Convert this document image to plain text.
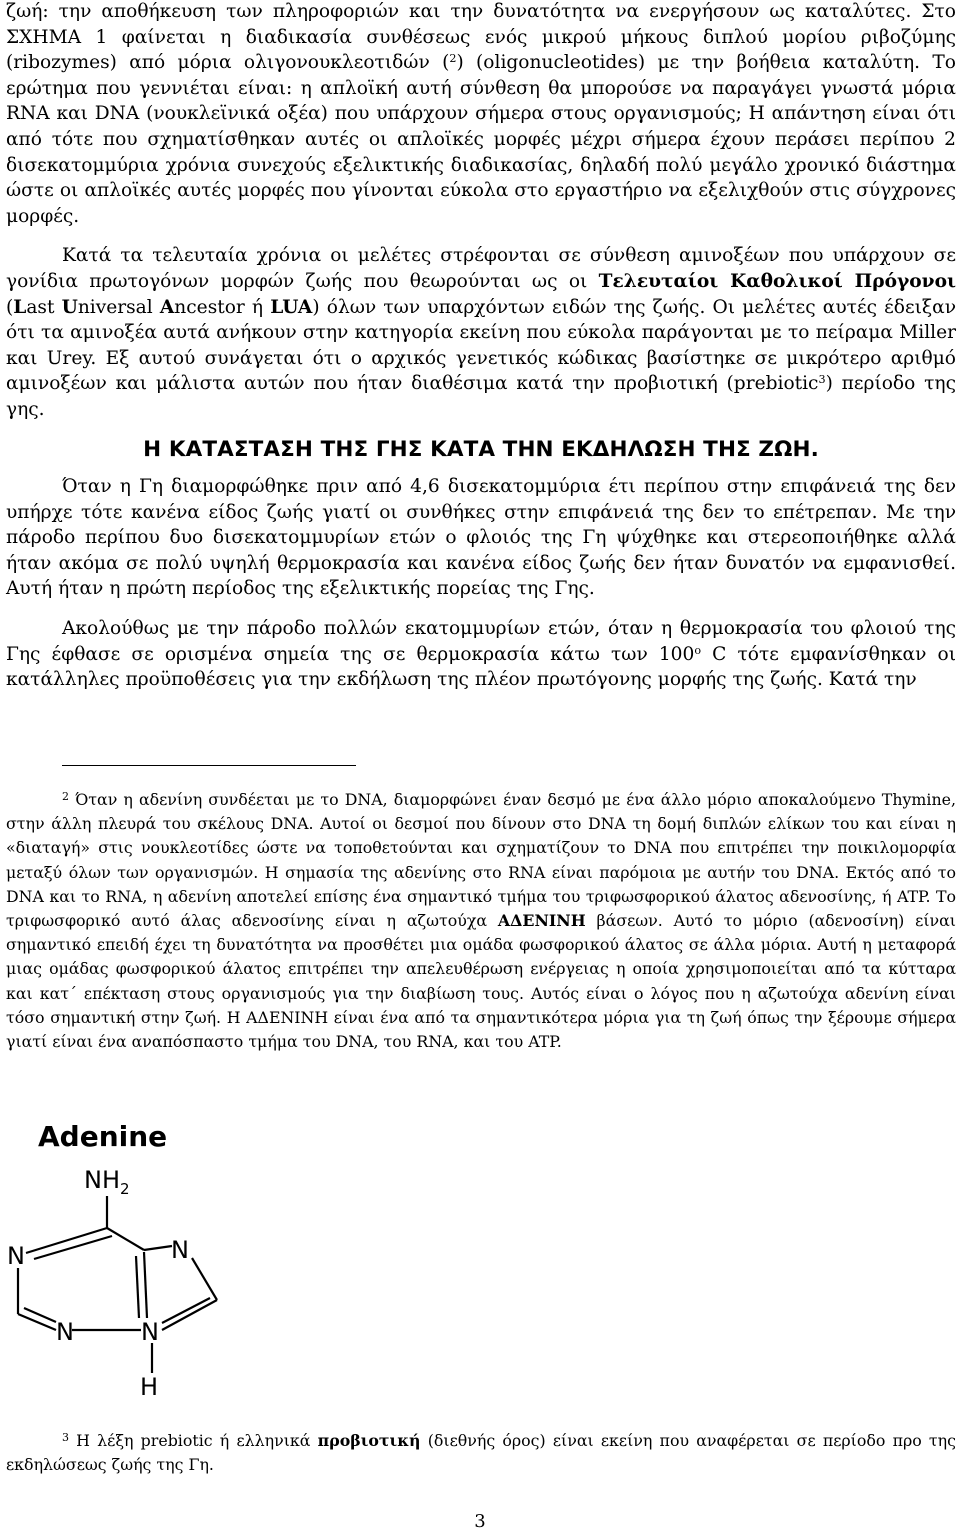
ζωή: την αποθήκευση των πληροφοριών και την δυνατότητα να ενεργήσουν ως καταλύτες. Στο ΣΧΗΜΑ 1 φαίνεται η διαδικασία συνθέσεως ενός μικρού μήκους διπλού μορίου ριβοζύμης (ribozymes) από μόρια ολιγονουκλεοτιδών ($^2$) (oligonucleotides) με την βοήθεια καταλύτη. Το ερώτημα που γεννιέται είναι: η απλοϊκή αυτή σύνθεση θα μπορούσε να παραγάγει γνωστά μόρια RNA και DNA (νουκλεϊνικά οξέα) που υπάρχουν σήμερα στους οργανισμούς; Η απάντηση είναι ότι από τότε που σχηματίσθηκαν αυτές οι απλοϊκές μορφές μέχρι σήμερα έχουν περάσει περίπου 2 δισεκατομμύρια χρόνια συνεχούς εξελικτικής διαδικασίας, δηλαδή πολύ μεγάλο χρονικό διάστημα ώστε οι απλοϊκές αυτές μορφές που γίνονται εύκολα στο εργαστήριο να εξελιχθούν στις σύγχρονες μορφές.

Κατά τα τελευταία χρόνια οι μελέτες στρέφονται σε σύνθεση αμινοξέων που υπάρχουν σε γονίδια πρωτογόνων μορφών ζωής που θεωρούνται ως οι Τελευταίοι Καθολικοί Πρόγονοι (Last Universal Ancestor ή LUA) όλων των υπαρχόντων ειδών της ζωής. Οι μελέτες αυτές έδειξαν ότι τα αμινοξέα αυτά ανήκουν στην κατηγορία εκείνη που εύκολα παράγονται με το πείραμα Miller και Urey. Εξ αυτού συνάγεται ότι ο αρχικός γενετικός κώδικας βασίστηκε σε μικρότερο αριθμό αμινοξέων και μάλιστα αυτών που ήταν διαθέσιμα κατά την προβιοτική (prebiotic$^3$) περίοδο της γης.

Η ΚΑΤΑΣΤΑΣΗ ΤΗΣ ΓΗΣ ΚΑΤΑ ΤΗΝ ΕΚΔΗΛΩΣΗ ΤΗΣ ΖΩΗ.

Όταν η Γη διαμορφώθηκε πριν από 4,6 δισεκατομμύρια έτι περίπου στην επιφάνειά της δεν υπήρχε τότε κανένα είδος ζωής γιατί οι συνθήκες στην επιφάνειά της δεν το επέτρεπαν. Με την πάροδο περίπου δυο δισεκατομμυρίων ετών ο φλοιός της Γη ψύχθηκε και στερεοποιήθηκε αλλά ήταν ακόμα σε πολύ υψηλή θερμοκρασία και κανένα είδος ζωής δεν ήταν δυνατόν να εμφανισθεί. Αυτή ήταν η πρώτη περίοδος της εξελικτικής πορείας της Γης.

Ακολούθως με την πάροδο πολλών εκατομμυρίων ετών, όταν η θερμοκρασία του φλοιού της Γης έφθασε σε ορισμένα σημεία της σε θερμοκρασία κάτω των $100^o$ C τότε εμφανίσθηκαν οι κατάλληλες προϋποθέσεις για την εκδήλωση της πλέον πρωτόγονης μορφής της ζωής. Κατά την

$^2$ Όταν η αδενίνη συνδέεται με το DNA, διαμορφώνει έναν δεσμό με ένα άλλο μόριο αποκαλούμενο Thymine, στην άλλη πλευρά του σκέλους DNA. Αυτοί οι δεσμοί που δίνουν στο DNA τη δομή διπλών ελίκων του και είναι η «διαταγή» στις νουκλεοτίδες ώστε να τοποθετούνται και σχηματίζουν το DNA που επιτρέπει την ποικιλομορφία μεταξύ όλων των οργανισμών. Η σημασία της αδενίνης στο RNA είναι παρόμοια με αυτήν του DNA. Εκτός από το DNA και το RNA, η αδενίνη αποτελεί επίσης ένα σημαντικό τμήμα του τριφωσφορικού άλατος αδενοσίνης, ή ATP. Το τριφωσφορικό αυτό άλας αδενοσίνης είναι η αζωτούχα ΑΔΕΝΙΝΗ βάσεων. Αυτό το μόριο (αδενοσίνη) είναι σημαντικό επειδή έχει τη δυνατότητα να προσθέτει μια ομάδα φωσφορικού άλατος σε άλλα μόρια. Αυτή η μεταφορά μιας ομάδας φωσφορικού άλατος επιτρέπει την απελευθέρωση ενέργειας η οποία χρησιμοποιείται από τα κύτταρα και κατ΄ επέκταση στους οργανισμούς για την διαβίωση τους. Αυτός είναι ο λόγος που η αζωτούχα αδενίνη είναι τόσο σημαντική στην ζωή. Η ΑΔΕΝΙΝΗ είναι ένα από τα σημαντικότερα μόρια για τη ζωή όπως την ξέρουμε σήμερα γιατί είναι ένα αναπόσπαστο τμήμα του DNA, του RNA, και του ATP.
Adenine
$NH_2$
N	N
N	N
H
$^3$ Η λέξη prebiotic ή ελληνικά προβιοτική (διεθνής όρος) είναι εκείνη που αναφέρεται σε περίοδο προ της εκδηλώσεως ζωής της Γη.
3
